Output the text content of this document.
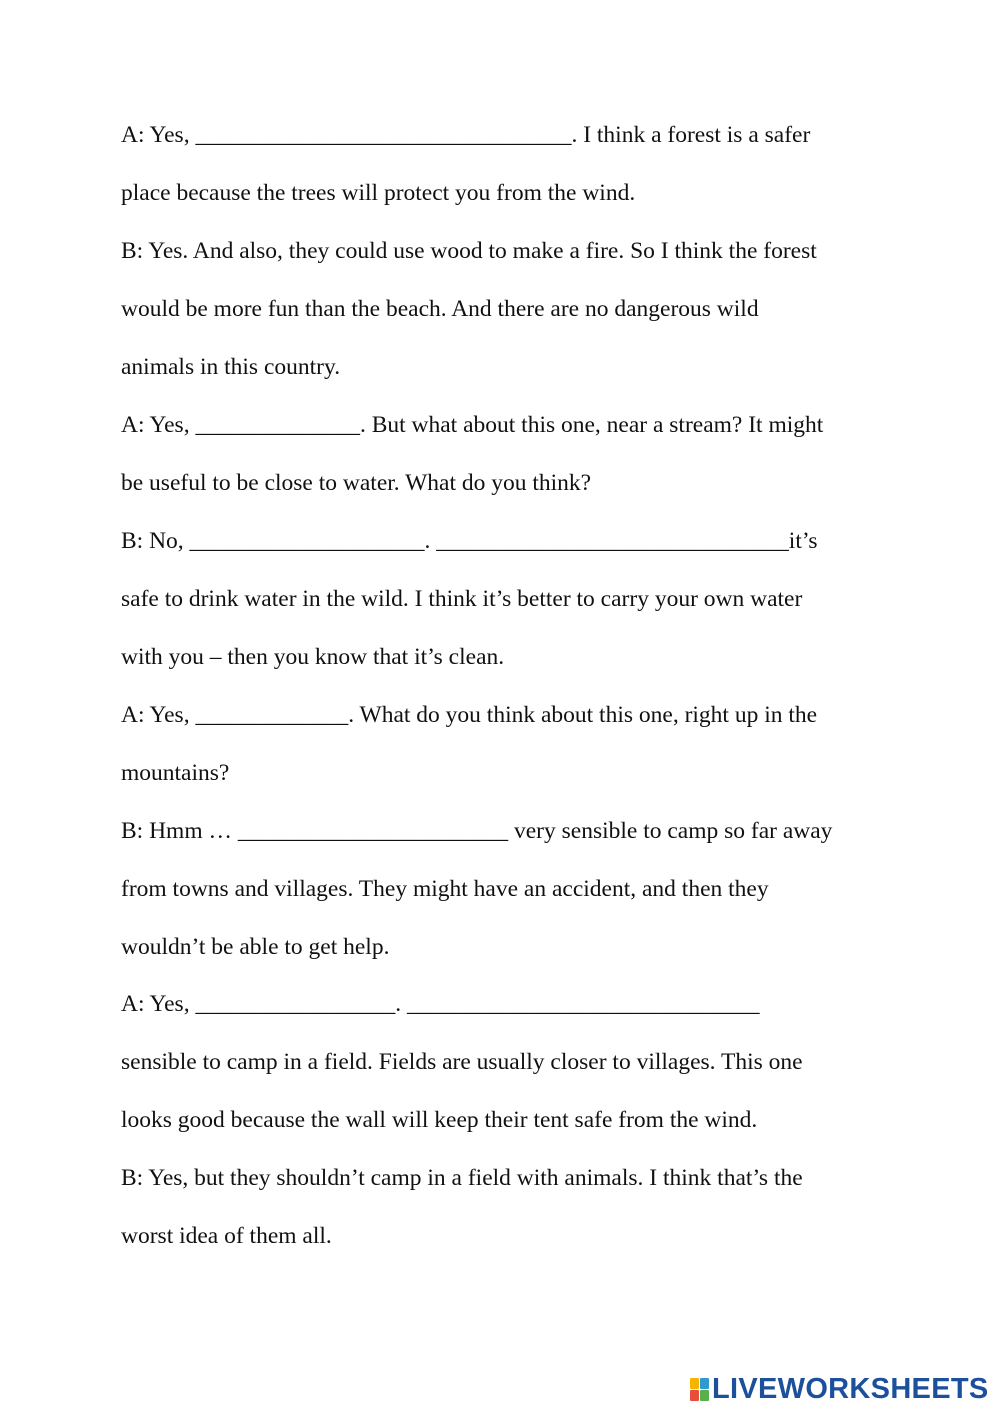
A: Yes, ________________________________. I think a forest is a safer

place because the trees will protect you from the wind.

B: Yes. And also, they could use wood to make a fire. So I think the forest

would be more fun than the beach. And there are no dangerous wild

animals in this country.

A: Yes, ______________. But what about this one, near a stream? It might

be useful to be close to water. What do you think?

B: No, ____________________. ______________________________it’s

safe to drink water in the wild. I think it’s better to carry your own water

with you – then you know that it’s clean.

A: Yes, _____________. What do you think about this one, right up in the

mountains?

B: Hmm … _______________________ very sensible to camp so far away

from towns and villages. They might have an accident, and then they

wouldn’t be able to get help.

A: Yes, _________________. ______________________________

sensible to camp in a field. Fields are usually closer to villages. This one

looks good because the wall will keep their tent safe from the wind.

B: Yes, but they shouldn’t camp in a field with animals. I think that’s the

worst idea of them all.

LIVEWORKSHEETS
